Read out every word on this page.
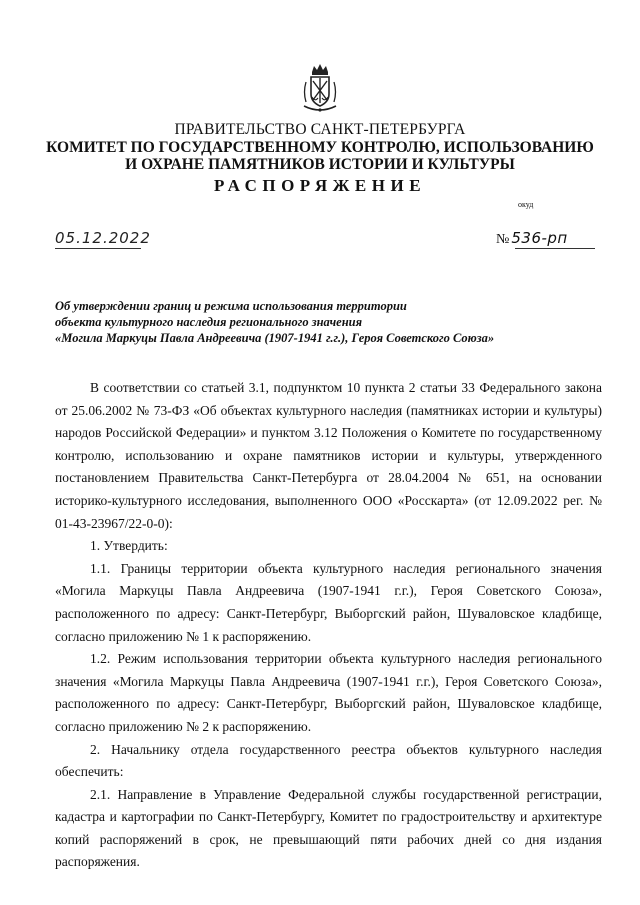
ПРАВИТЕЛЬСТВО САНКТ-ПЕТЕРБУРГА
КОМИТЕТ ПО ГОСУДАРСТВЕННОМУ КОНТРОЛЮ, ИСПОЛЬЗОВАНИЮ
И ОХРАНЕ ПАМЯТНИКОВ ИСТОРИИ И КУЛЬТУРЫ
РАСПОРЯЖЕНИЕ
окуд
05.12.2022	№ 536-рп
Об утверждении границ и режима использования территории
объекта культурного наследия регионального значения
«Могила Маркуцы Павла Андреевича (1907-1941 г.г.), Героя Советского Союза»

В соответствии со статьей 3.1, подпунктом 10 пункта 2 статьи 33 Федерального закона от 25.06.2002 № 73-ФЗ «Об объектах культурного наследия (памятниках истории и культуры) народов Российской Федерации» и пунктом 3.12 Положения о Комитете по государственному контролю, использованию и охране памятников истории и культуры, утвержденного постановлением Правительства Санкт-Петербурга от 28.04.2004 № 651, на основании историко-культурного исследования, выполненного ООО «Росскарта» (от 12.09.2022 рег. № 01-43-23967/22-0-0):

1. Утвердить:

1.1. Границы территории объекта культурного наследия регионального значения «Могила Маркуцы Павла Андреевича (1907-1941 г.г.), Героя Советского Союза», расположенного по адресу: Санкт-Петербург, Выборгский район, Шуваловское кладбище, согласно приложению № 1 к распоряжению.

1.2. Режим использования территории объекта культурного наследия регионального значения «Могила Маркуцы Павла Андреевича (1907-1941 г.г.), Героя Советского Союза», расположенного по адресу: Санкт-Петербург, Выборгский район, Шуваловское кладбище, согласно приложению № 2 к распоряжению.

2. Начальнику отдела государственного реестра объектов культурного наследия обеспечить:

2.1. Направление в Управление Федеральной службы государственной регистрации, кадастра и картографии по Санкт-Петербургу, Комитет по градостроительству и архитектуре копий распоряжений в срок, не превышающий пяти рабочих дней со дня издания распоряжения.
